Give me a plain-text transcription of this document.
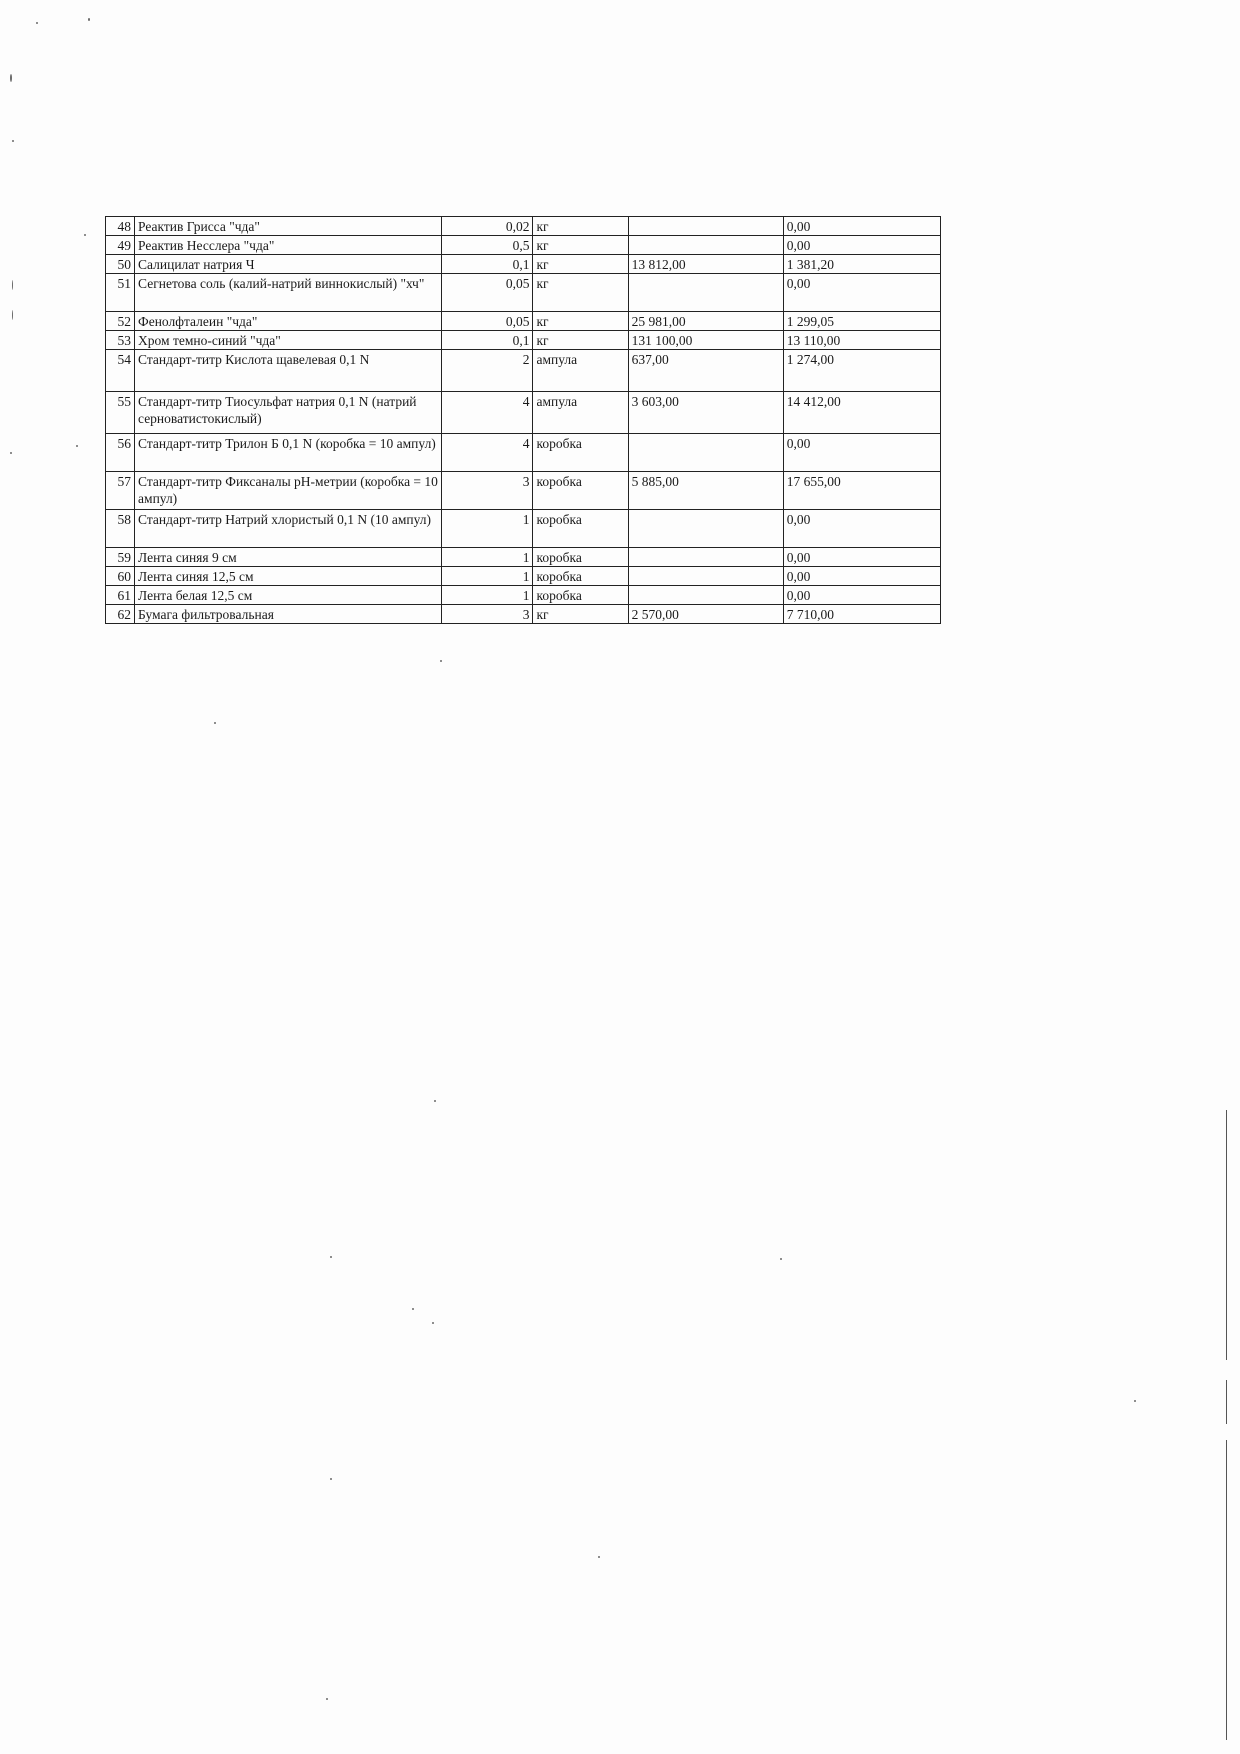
48	Реактив Грисса "чда"	0,02	кг		0,00
49	Реактив Несслера "чда"	0,5	кг		0,00
50	Салицилат натрия Ч	0,1	кг	13 812,00	1 381,20
51	Сегнетова соль (калий-натрий виннокислый) "хч"	0,05	кг		0,00
52	Фенолфталеин "чда"	0,05	кг	25 981,00	1 299,05
53	Хром темно-синий "чда"	0,1	кг	131 100,00	13 110,00
54	Стандарт-титр Кислота щавелевая 0,1 N	2	ампула	637,00	1 274,00
55	Стандарт-титр Тиосульфат натрия 0,1 N (натрий серноватистокислый)	4	ампула	3 603,00	14 412,00
56	Стандарт-титр Трилон Б 0,1 N (коробка = 10 ампул)	4	коробка		0,00
57	Стандарт-титр Фиксаналы рН-метрии (коробка = 10 ампул)	3	коробка	5 885,00	17 655,00
58	Стандарт-титр Натрий хлористый 0,1 N (10 ампул)	1	коробка		0,00
59	Лента синяя 9 см	1	коробка		0,00
60	Лента синяя 12,5 см	1	коробка		0,00
61	Лента белая 12,5 см	1	коробка		0,00
62	Бумага фильтровальная	3	кг	2 570,00	7 710,00
